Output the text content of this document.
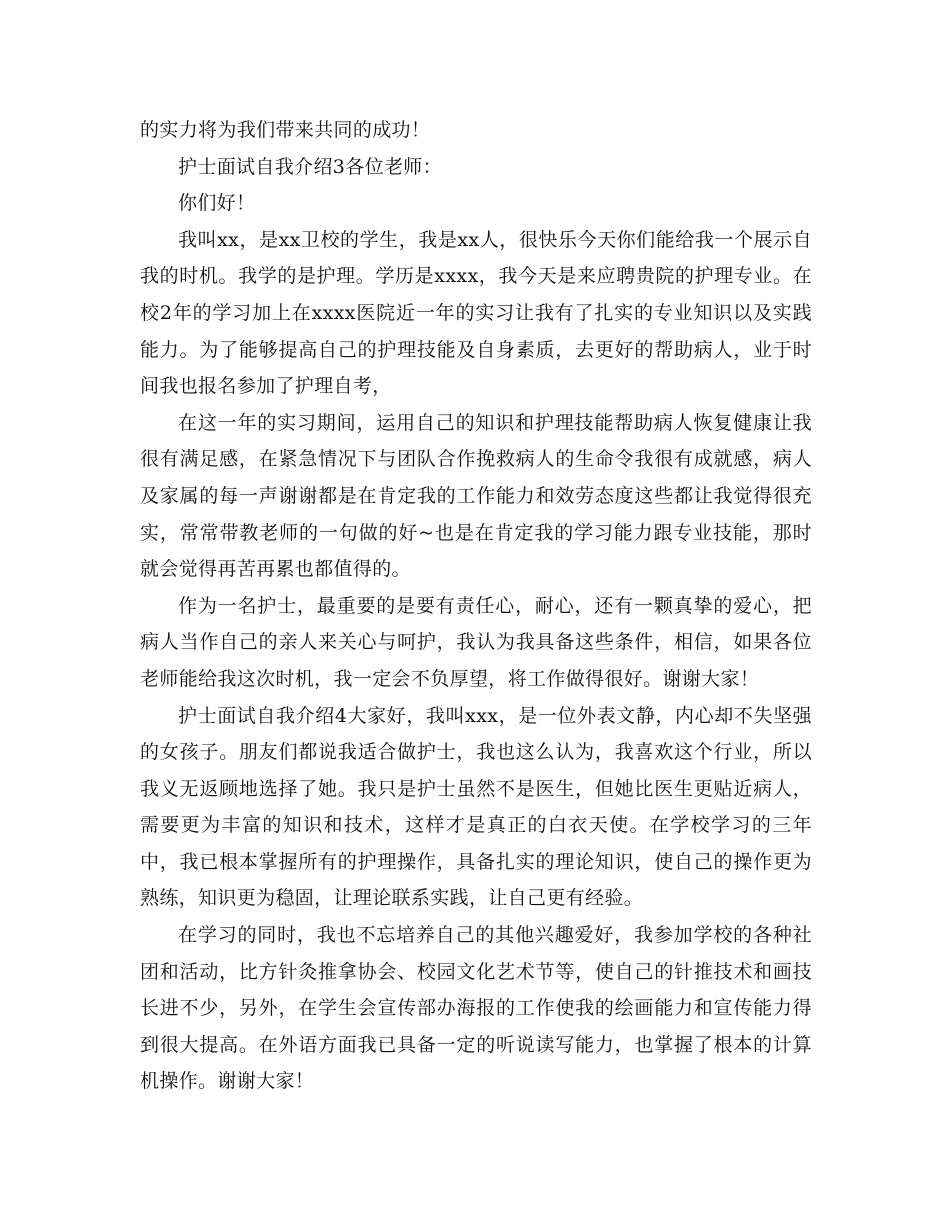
的实力将为我们带来共同的成功！

护士面试自我介绍3各位老师：

你们好！

我叫xx，是xx卫校的学生，我是xx人，很快乐今天你们能给我一个展示自我的时机。我学的是护理。学历是xxxx，我今天是来应聘贵院的护理专业。在校2年的学习加上在xxxx医院近一年的实习让我有了扎实的专业知识以及实践能力。为了能够提高自己的护理技能及自身素质，去更好的帮助病人，业于时间我也报名参加了护理自考，

在这一年的实习期间，运用自己的知识和护理技能帮助病人恢复健康让我很有满足感，在紧急情况下与团队合作挽救病人的生命令我很有成就感，病人及家属的每一声谢谢都是在肯定我的工作能力和效劳态度这些都让我觉得很充实，常常带教老师的一句做的好~也是在肯定我的学习能力跟专业技能，那时就会觉得再苦再累也都值得的。

作为一名护士，最重要的是要有责任心，耐心，还有一颗真挚的爱心，把病人当作自己的亲人来关心与呵护，我认为我具备这些条件，相信，如果各位老师能给我这次时机，我一定会不负厚望，将工作做得很好。谢谢大家！

护士面试自我介绍4大家好，我叫xxx，是一位外表文静，内心却不失坚强的女孩子。朋友们都说我适合做护士，我也这么认为，我喜欢这个行业，所以我义无返顾地选择了她。我只是护士虽然不是医生，但她比医生更贴近病人，需要更为丰富的知识和技术，这样才是真正的白衣天使。在学校学习的三年中，我已根本掌握所有的护理操作，具备扎实的理论知识，使自己的操作更为熟练，知识更为稳固，让理论联系实践，让自己更有经验。

在学习的同时，我也不忘培养自己的其他兴趣爱好，我参加学校的各种社团和活动，比方针灸推拿协会、校园文化艺术节等，使自己的针推技术和画技长进不少，另外，在学生会宣传部办海报的工作使我的绘画能力和宣传能力得到很大提高。在外语方面我已具备一定的听说读写能力，也掌握了根本的计算机操作。谢谢大家！
